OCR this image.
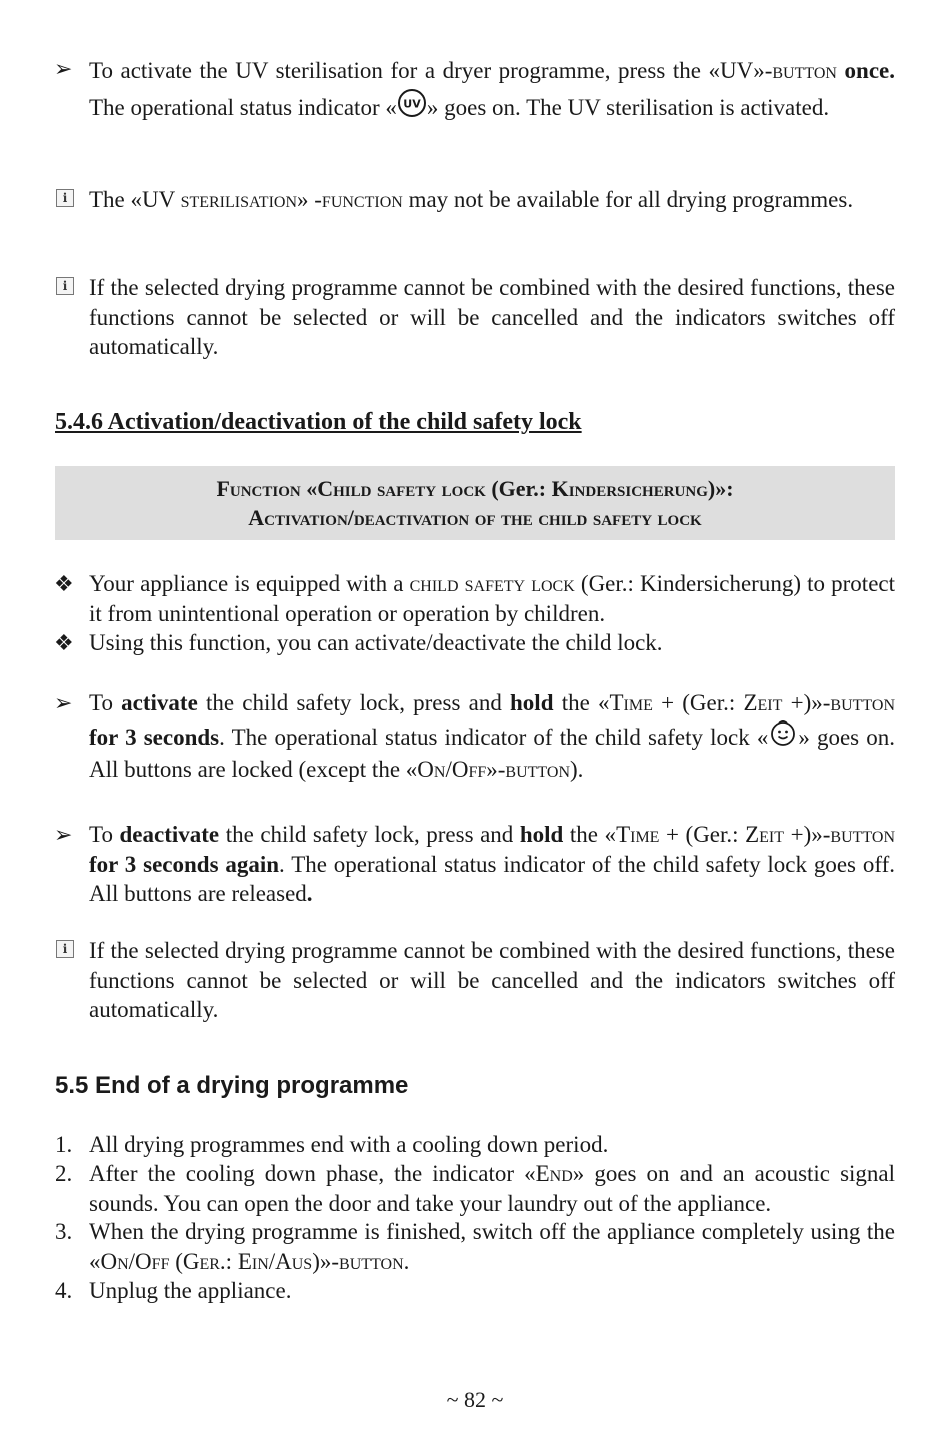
➢ To activate the UV sterilisation for a dryer programme, press the «UV»-button once. The operational status indicator « UV » goes on. The UV sterilisation is activated.
i The «UV sterilisation» -function may not be available for all drying programmes.
i If the selected drying programme cannot be combined with the desired functions, these functions cannot be selected or will be cancelled and the indicators switches off automatically.
5.4.6 Activation/deactivation of the child safety lock
Function «Child safety lock (Ger.: Kindersicherung)»:
Activation/deactivation of the child safety lock
❖ Your appliance is equipped with a child safety lock (Ger.: Kindersicherung) to protect it from unintentional operation or operation by children.
❖ Using this function, you can activate/deactivate the child lock.
➢ To activate the child safety lock, press and hold the «Time + (Ger.: Zeit +)»-button for 3 seconds. The operational status indicator of the child safety lock « » goes on. All buttons are locked (except the «On/Off»-button).
➢ To deactivate the child safety lock, press and hold the «Time + (Ger.: Zeit +)»-button for 3 seconds again. The operational status indicator of the child safety lock goes off. All buttons are released.
i If the selected drying programme cannot be combined with the desired functions, these functions cannot be selected or will be cancelled and the indicators switches off automatically.
5.5 End of a drying programme
1. All drying programmes end with a cooling down period.
2. After the cooling down phase, the indicator «End» goes on and an acoustic signal sounds. You can open the door and take your laundry out of the appliance.
3. When the drying programme is finished, switch off the appliance completely using the «On/Off (Ger.: Ein/Aus)»-button.
4. Unplug the appliance.
~ 82 ~
